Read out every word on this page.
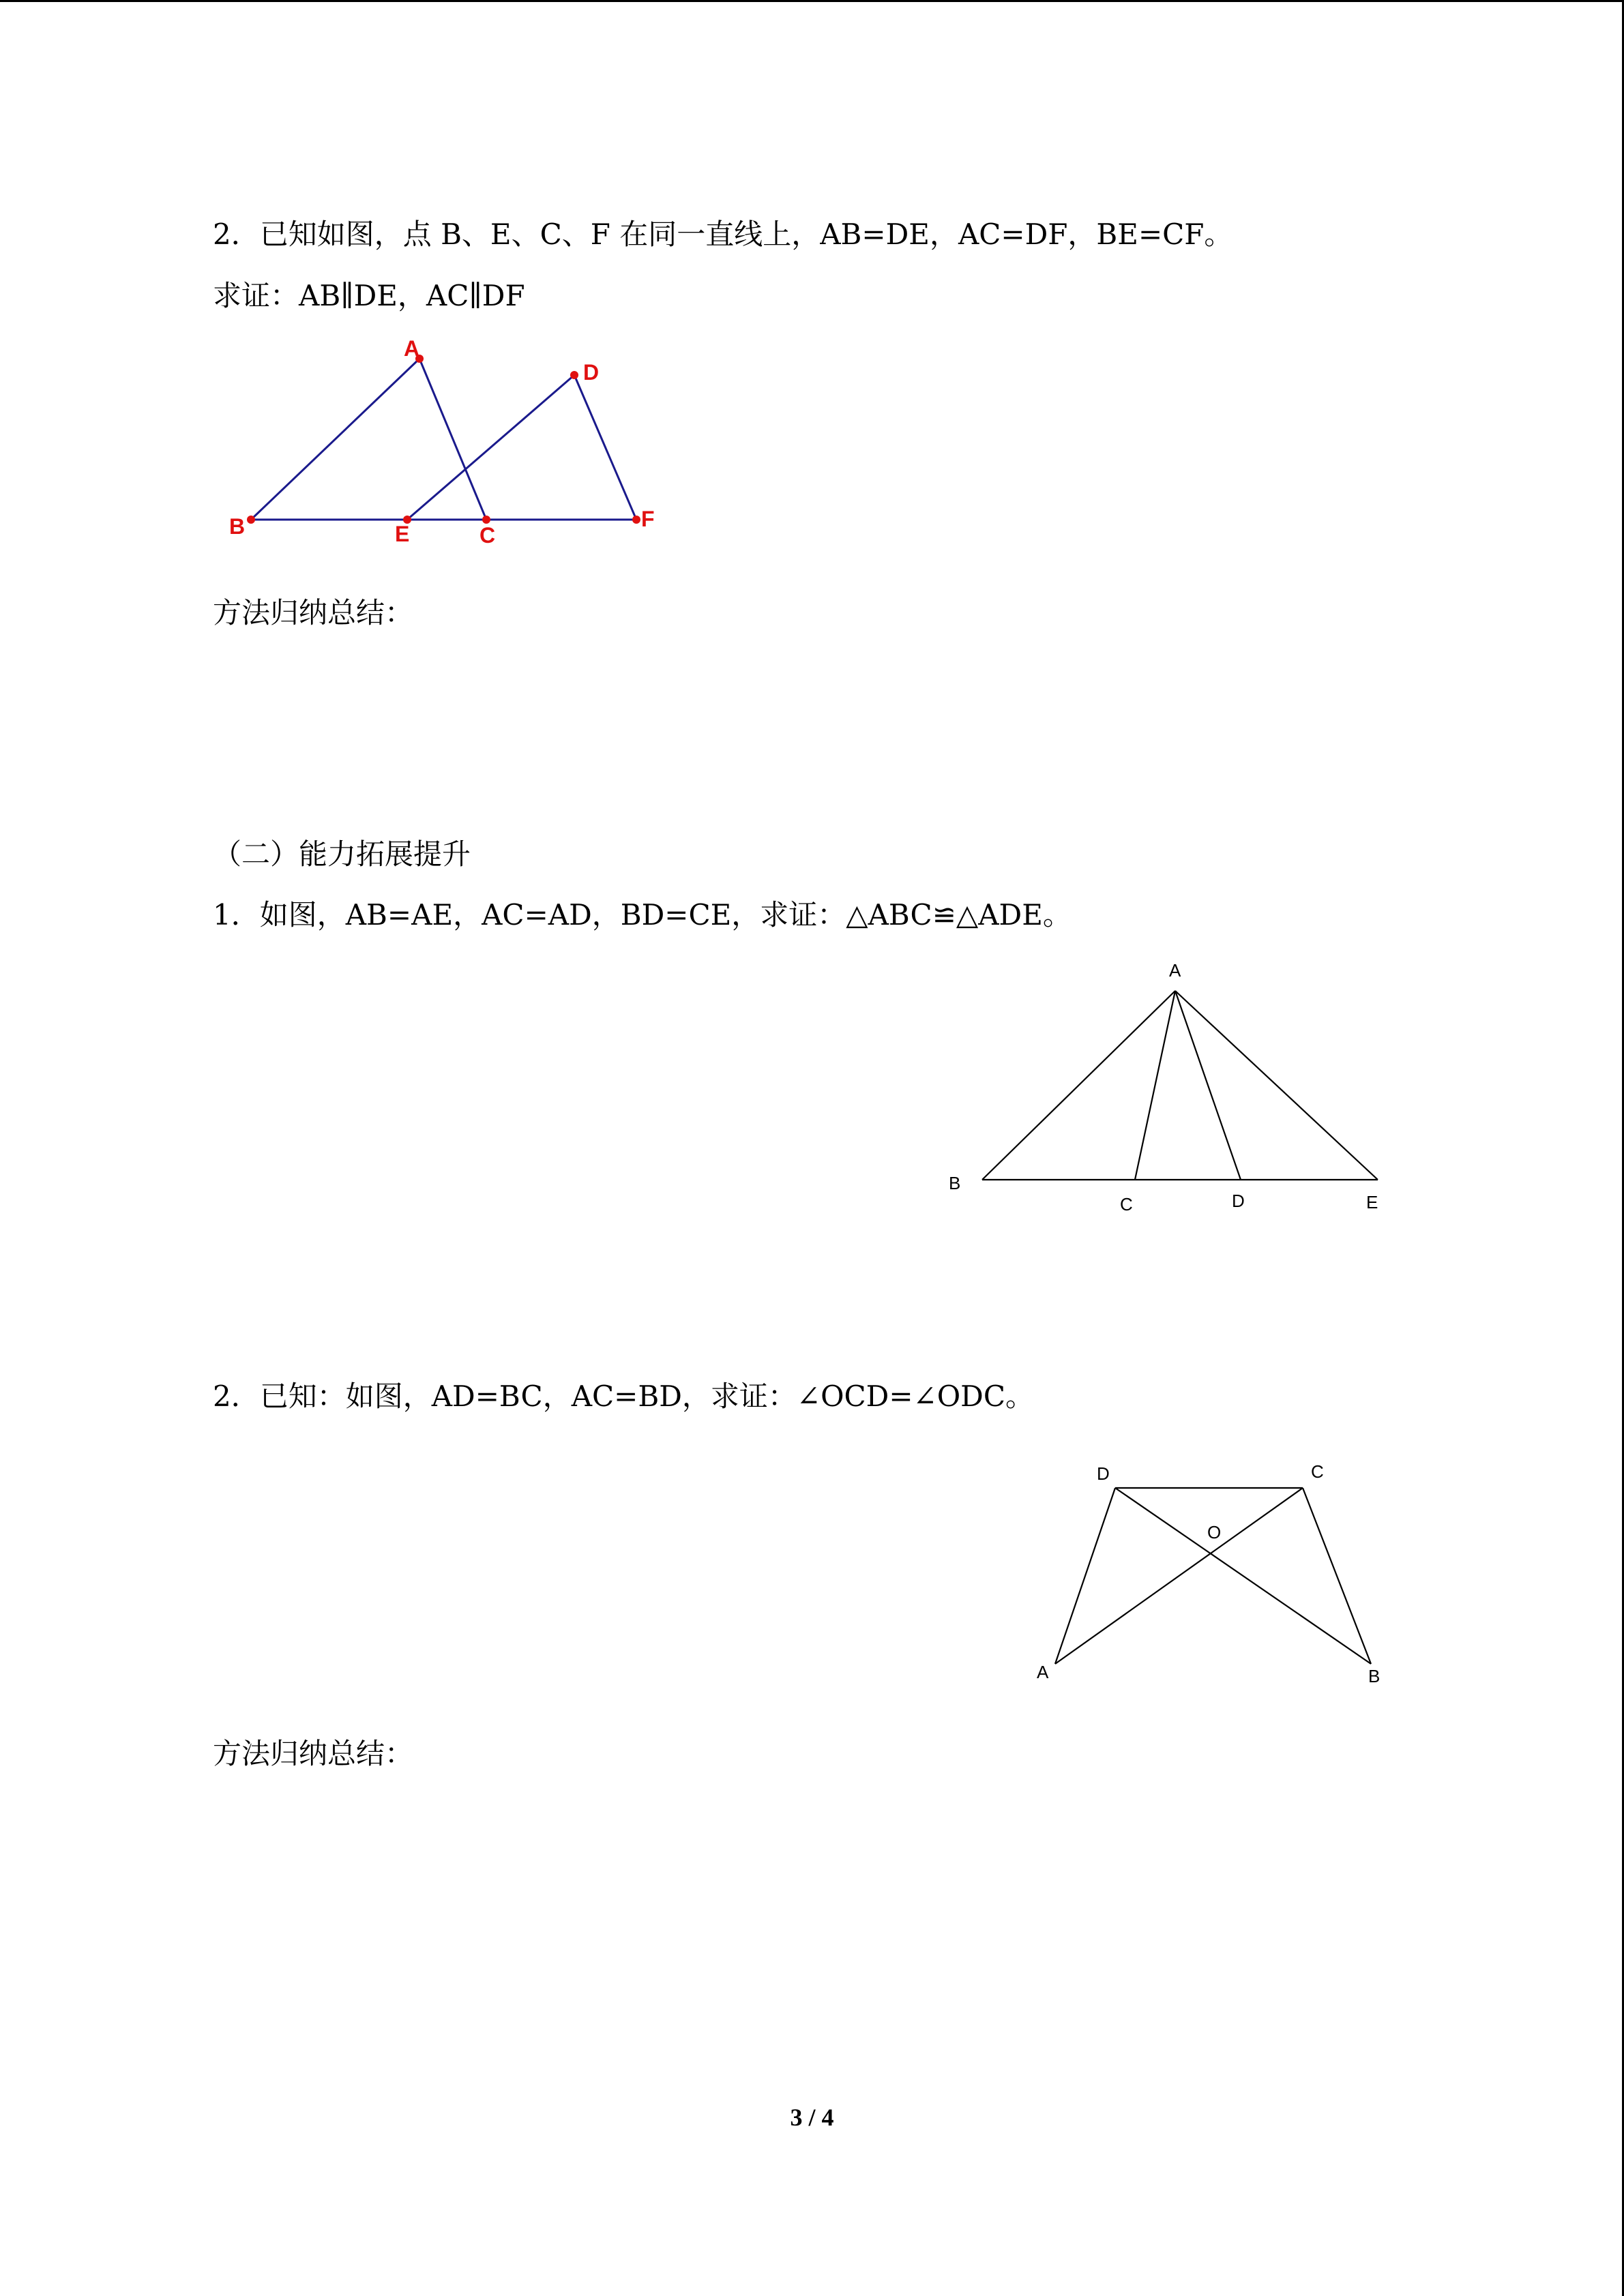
2．已知如图，点 B、E、C、F 在同一直线上，AB=DE，AC=DF，BE=CF。
求证：AB∥DE，AC∥DF
A
B	C
D
E
F
方法归纳总结：
（二）能力拓展提升
1．如图，AB=AE，AC=AD，BD=CE，求证：△ABC≌△ADE。
A
B
C	D	E
2．已知：如图，AD=BC，AC=BD，求证：∠OCD=∠ODC。
D	C
O
A	B
方法归纳总结：
3 / 4
